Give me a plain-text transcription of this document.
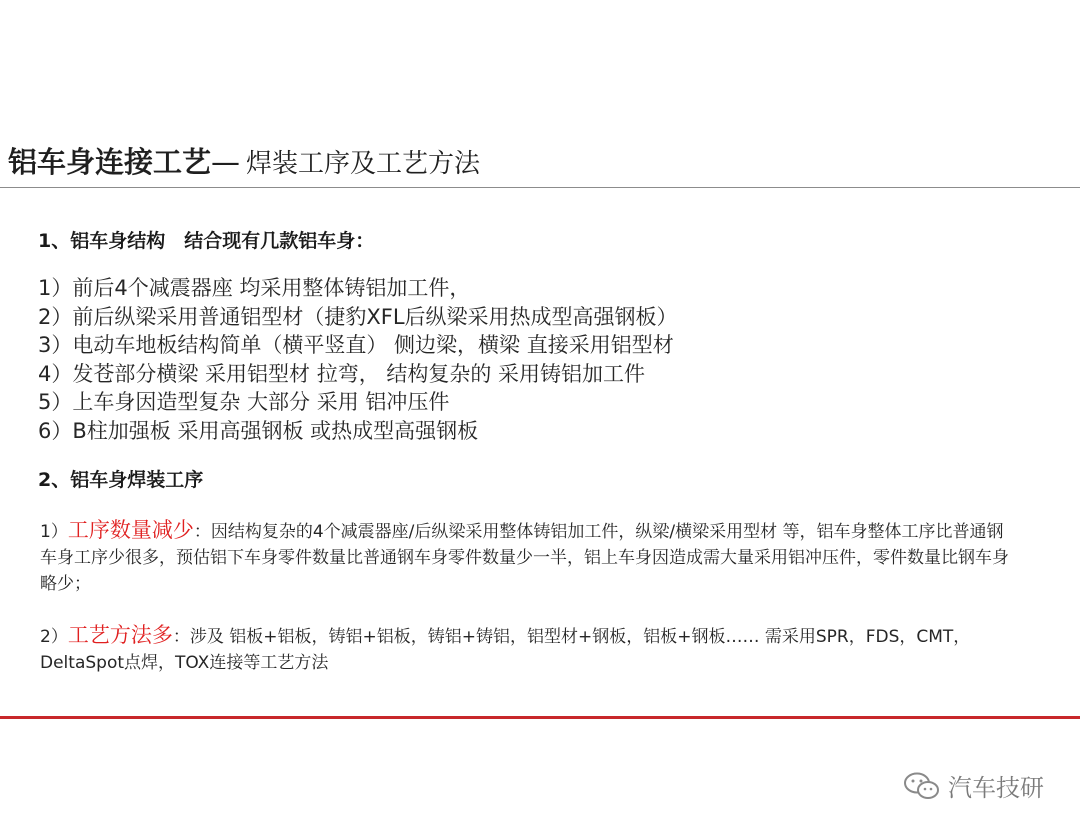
铝车身连接工艺— 焊装工序及工艺方法
1、铝车身结构　结合现有几款铝车身：
1）前后4个减震器座 均采用整体铸铝加工件，
2）前后纵梁采用普通铝型材（捷豹XFL后纵梁采用热成型高强钢板）
3）电动车地板结构简单（横平竖直） 侧边梁，横梁 直接采用铝型材
4）发苍部分横梁 采用铝型材 拉弯， 结构复杂的 采用铸铝加工件
5）上车身因造型复杂 大部分 采用 铝冲压件
6）B柱加强板 采用高强钢板 或热成型高强钢板
2、铝车身焊装工序
1）工序数量减少：因结构复杂的4个减震器座/后纵梁采用整体铸铝加工件，纵梁/横梁采用型材 等，铝车身整体工序比普通钢车身工序少很多，预估铝下车身零件数量比普通钢车身零件数量少一半，铝上车身因造成需大量采用铝冲压件，零件数量比钢车身略少；
2）工艺方法多：涉及 铝板+铝板，铸铝+铝板，铸铝+铸铝，铝型材+钢板，铝板+钢板…… 需采用SPR，FDS，CMT，DeltaSpot点焊，TOX连接等工艺方法
汽车技研
